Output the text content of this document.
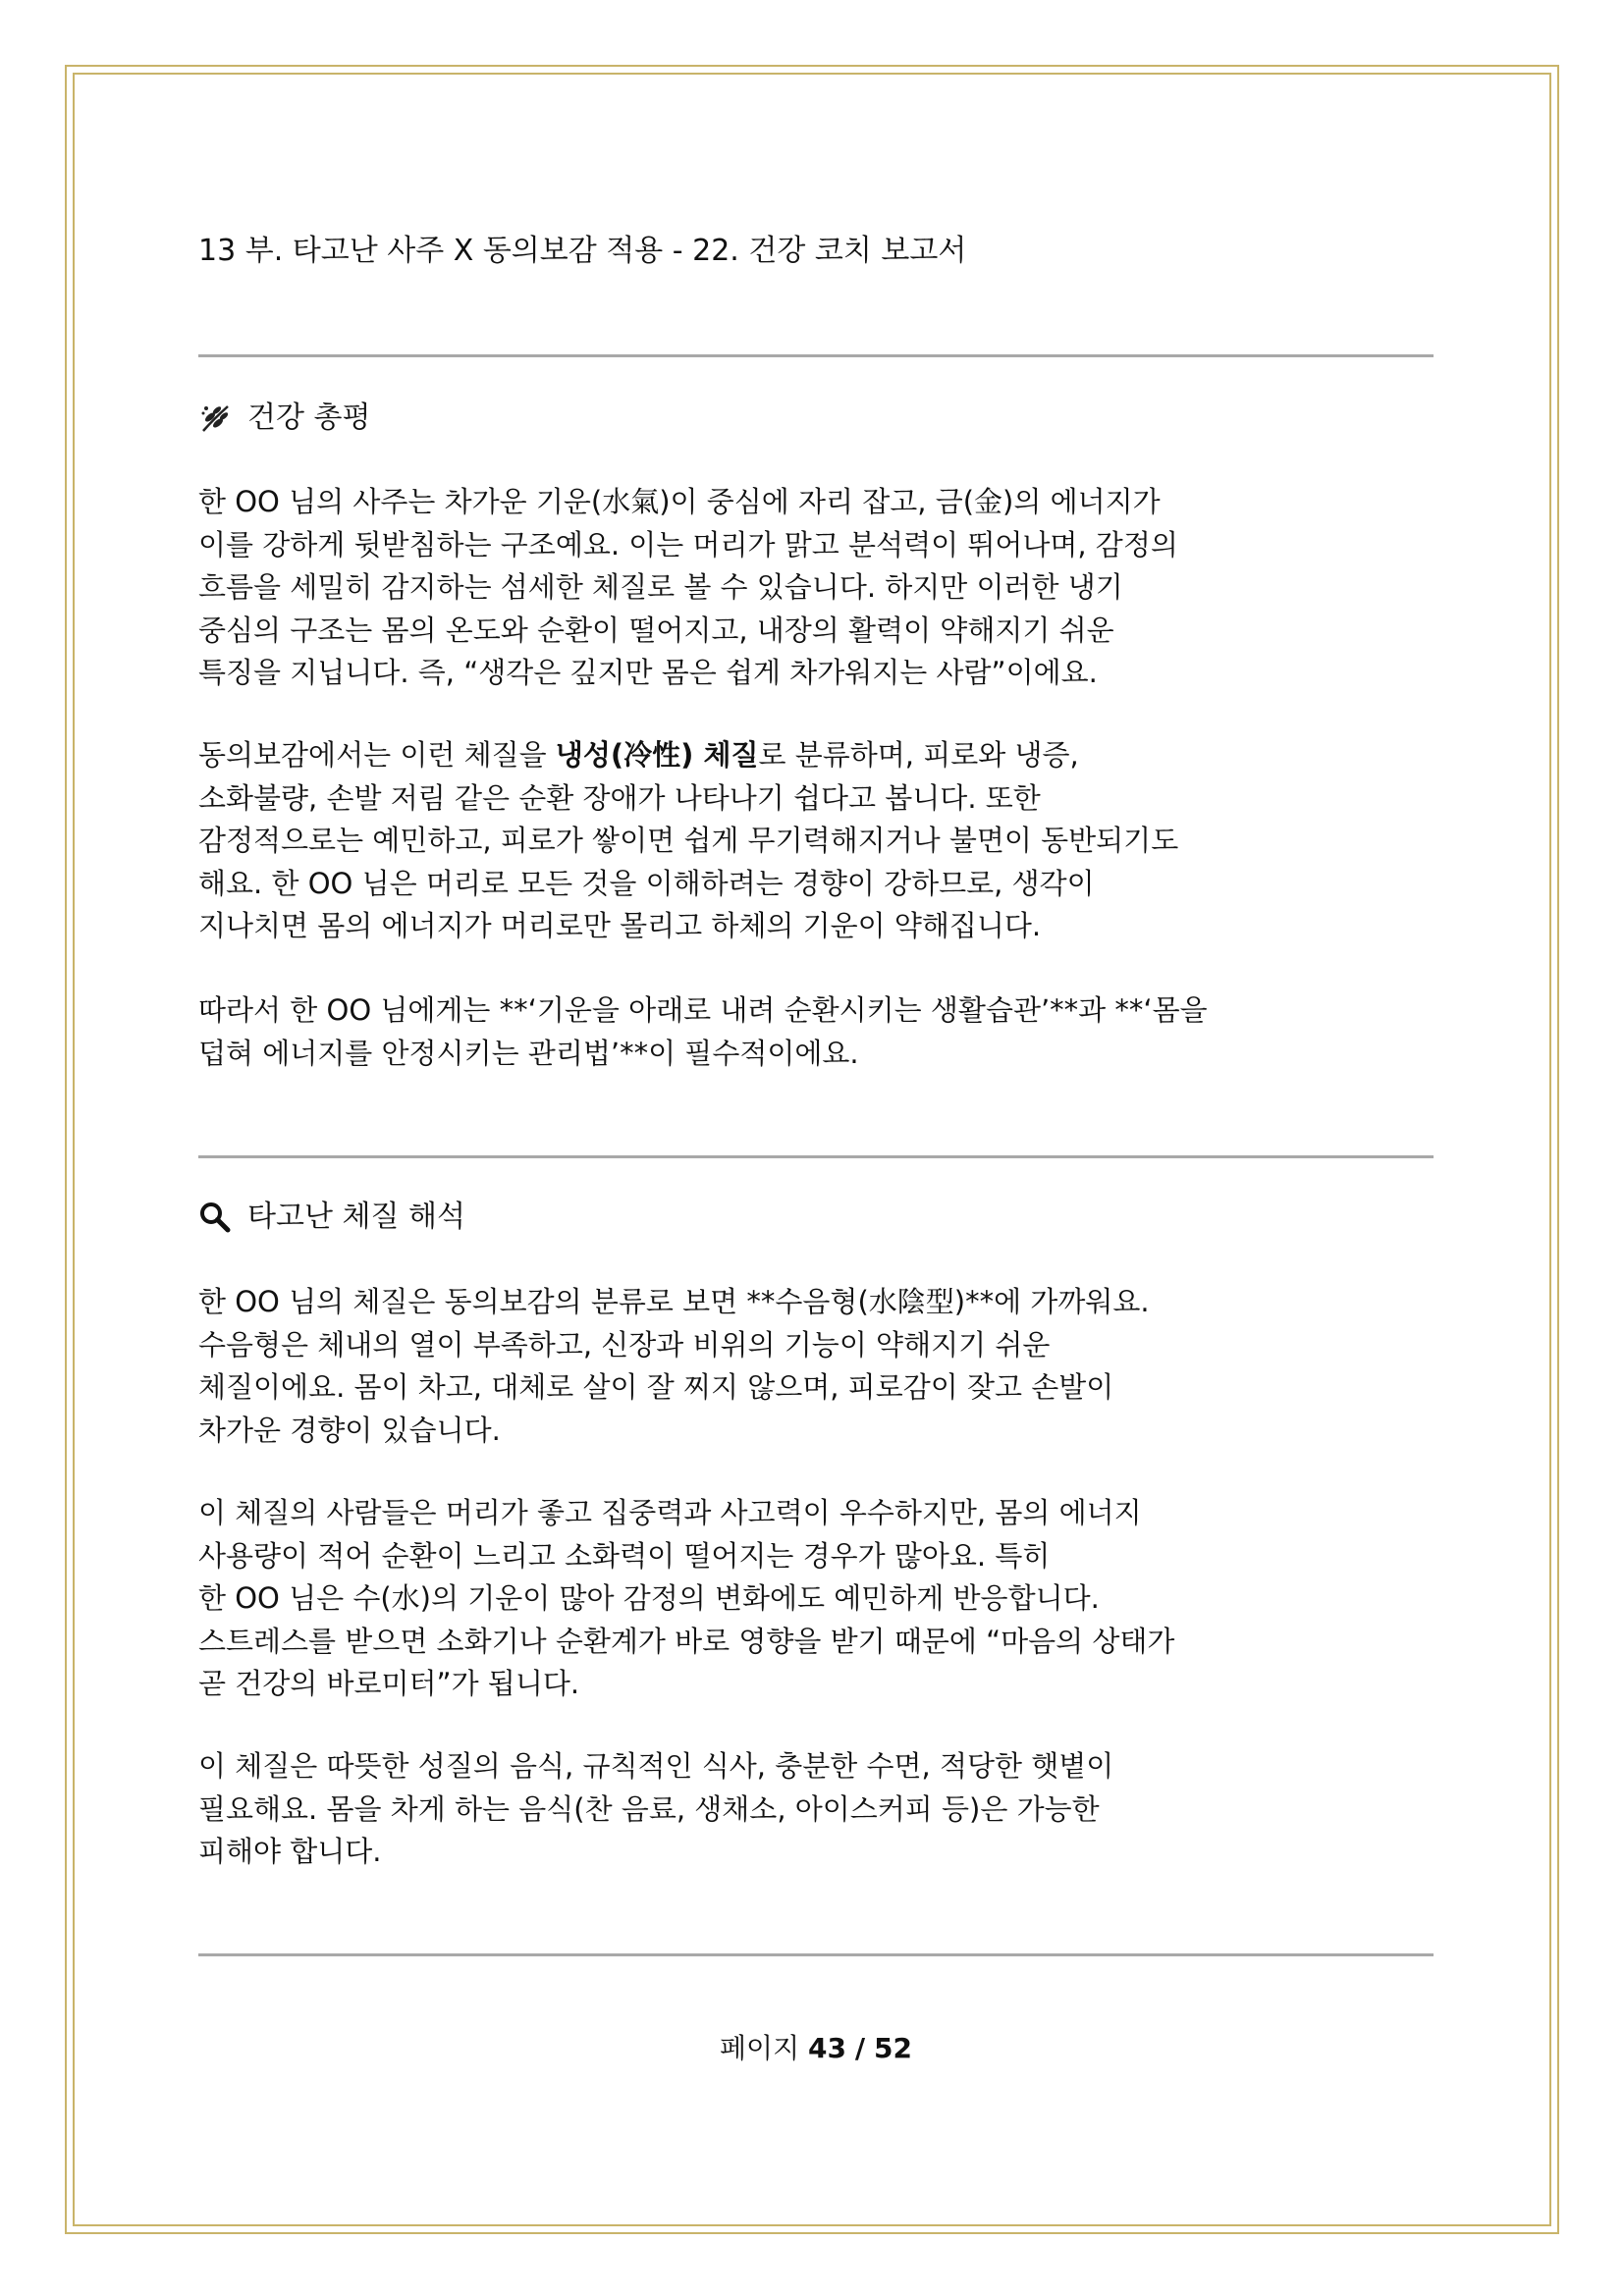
13 부. 타고난 사주 X 동의보감 적용 - 22. 건강 코치 보고서
건강 총평
한 OO 님의 사주는 차가운 기운(水氣)이 중심에 자리 잡고, 금(金)의 에너지가
이를 강하게 뒷받침하는 구조예요. 이는 머리가 맑고 분석력이 뛰어나며, 감정의
흐름을 세밀히 감지하는 섬세한 체질로 볼 수 있습니다. 하지만 이러한 냉기
중심의 구조는 몸의 온도와 순환이 떨어지고, 내장의 활력이 약해지기 쉬운
특징을 지닙니다. 즉, “생각은 깊지만 몸은 쉽게 차가워지는 사람”이에요.
동의보감에서는 이런 체질을 냉성(冷性) 체질로 분류하며, 피로와 냉증,
소화불량, 손발 저림 같은 순환 장애가 나타나기 쉽다고 봅니다. 또한
감정적으로는 예민하고, 피로가 쌓이면 쉽게 무기력해지거나 불면이 동반되기도
해요. 한 OO 님은 머리로 모든 것을 이해하려는 경향이 강하므로, 생각이
지나치면 몸의 에너지가 머리로만 몰리고 하체의 기운이 약해집니다.
따라서 한 OO 님에게는 **‘기운을 아래로 내려 순환시키는 생활습관’**과 **‘몸을
덥혀 에너지를 안정시키는 관리법’**이 필수적이에요.
타고난 체질 해석
한 OO 님의 체질은 동의보감의 분류로 보면 **수음형(水陰型)**에 가까워요.
수음형은 체내의 열이 부족하고, 신장과 비위의 기능이 약해지기 쉬운
체질이에요. 몸이 차고, 대체로 살이 잘 찌지 않으며, 피로감이 잦고 손발이
차가운 경향이 있습니다.
이 체질의 사람들은 머리가 좋고 집중력과 사고력이 우수하지만, 몸의 에너지
사용량이 적어 순환이 느리고 소화력이 떨어지는 경우가 많아요. 특히
한 OO 님은 수(水)의 기운이 많아 감정의 변화에도 예민하게 반응합니다.
스트레스를 받으면 소화기나 순환계가 바로 영향을 받기 때문에 “마음의 상태가
곧 건강의 바로미터”가 됩니다.
이 체질은 따뜻한 성질의 음식, 규칙적인 식사, 충분한 수면, 적당한 햇볕이
필요해요. 몸을 차게 하는 음식(찬 음료, 생채소, 아이스커피 등)은 가능한
피해야 합니다.
페이지 43 / 52
